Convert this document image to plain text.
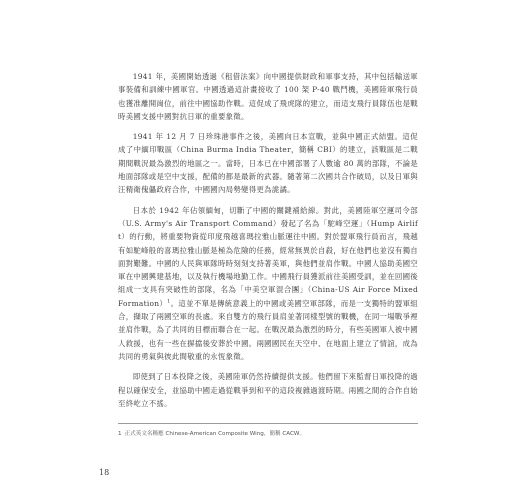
1941 年，美國開始透過《租借法案》向中國提供財政和軍事支持，其中包括輸送軍事裝備和訓練中國軍官。中國透過這計畫接收了 100 架 P-40 戰鬥機，美國陸軍飛行員也獲准離開崗位，前往中國協助作戰。這促成了飛虎隊的建立，而這支飛行員隊伍也是戰時美國支援中國對抗日軍的重要象徵。

1941 年 12 月 7 日珍珠港事件之後，美國向日本宣戰，並與中國正式結盟。這促成了中緬印戰區（China Burma India Theater，簡稱 CBI）的建立，該戰區是二戰期間戰況最為激烈的地區之一。當時，日本已在中國部署了人數逾 80 萬的部隊，不論是地面部隊或是空中支援，配備的都是最新的武器。隨著第二次國共合作破局，以及日軍與汪精衛傀儡政府合作，中國國內局勢變得更為詭譎。

日本於 1942 年佔領緬甸，切斷了中國的關鍵補給線。對此，美國陸軍空運司令部（U.S. Army's Air Transport Command）發起了名為「駝峰空運」（Hump Airlift）的行動，將重要物資從印度飛越喜瑪拉雅山脈運往中國。對於盟軍飛行員而言，飛越有如駝峰般的喜瑪拉雅山脈是極為危險的任務，經常無異於自殺，好在他們也並沒有獨自面對艱難。中國的人民與軍隊時時刻刻支持著美軍，與他們並肩作戰。中國人協助美國空軍在中國興建基地，以及執行機場地勤工作。中國飛行員獲派前往美國受訓，並在回國後組成一支具有突破性的部隊，名為「中美空軍混合團」（China-US Air Force Mixed Formation）$^1$。這並不單是傳統意義上的中國或美國空軍部隊，而是一支獨特的盟軍組合，擷取了兩國空軍的長處。來自雙方的飛行員肩並著同樣型號的戰機，在同一場戰爭裡並肩作戰，為了共同的目標而聯合在一起。在戰況最為激烈的時分，有些美國軍人被中國人救援，也有一些在摒擋後安葬於中國。兩國國民在天空中、在地面上建立了情誼，成為共同的勇氣與彼此間敬重的永恆象徵。

即使到了日本投降之後，美國陸軍仍然持續提供支援。他們留下來監督日軍投降的過程以確保安全，並協助中國走過從戰爭到和平的這段複雜過渡時期。兩國之間的合作自始至終屹立不搖。

1 正式英文名稱應 Chinese-American Composite Wing，簡稱 CACW。
18
